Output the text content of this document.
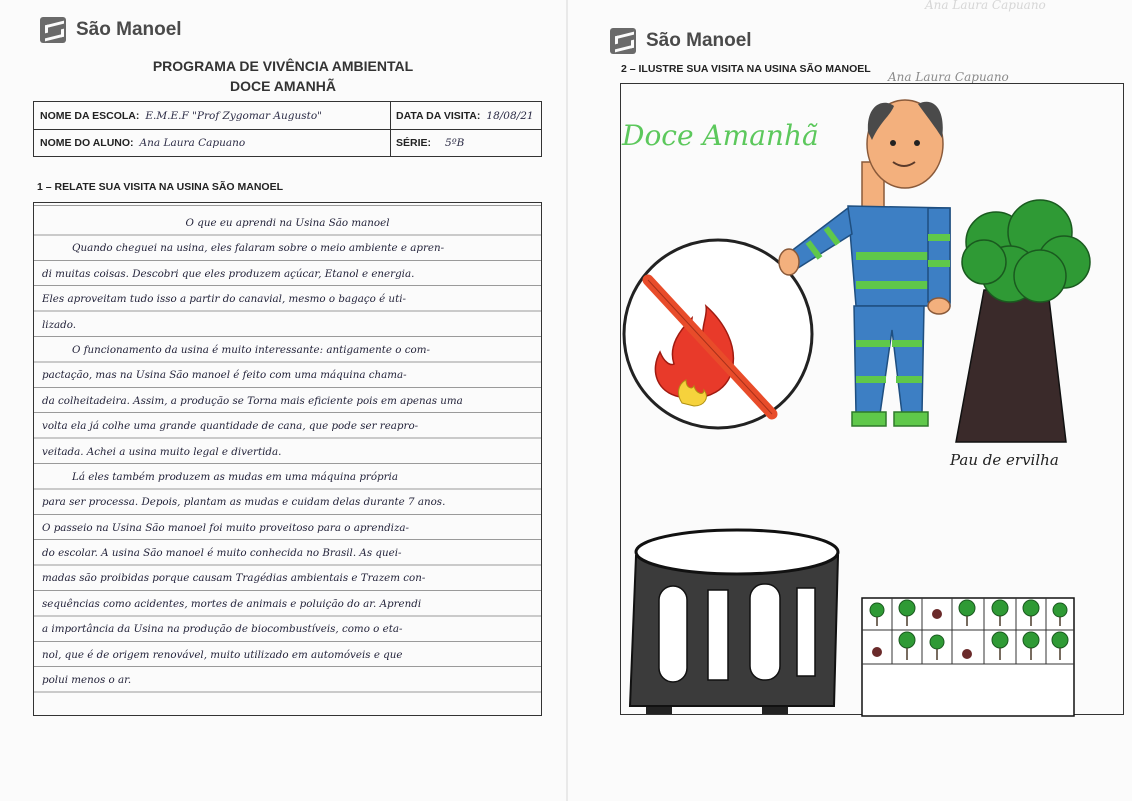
São Manoel
PROGRAMA DE VIVÊNCIA AMBIENTAL
DOCE AMANHÃ
NOME DA ESCOLA: E.M.E.F "Prof Zygomar Augusto"	DATA DA VISITA: 18/08/21
NOME DO ALUNO: Ana Laura Capuano	SÉRIE: 5ºB
1 – RELATE SUA VISITA NA USINA SÃO MANOEL
O que eu aprendi na Usina São manoel
Quando cheguei na usina, eles falaram sobre o meio ambiente e apren-
di muitas coisas. Descobri que eles produzem açúcar, Etanol e energia.
Eles aproveitam tudo isso a partir do canavial, mesmo o bagaço é uti-
lizado.
O funcionamento da usina é muito interessante: antigamente o com-
pactação, mas na Usina São manoel é feito com uma máquina chama-
da colheitadeira. Assim, a produção se Torna mais eficiente pois em apenas uma
volta ela já colhe uma grande quantidade de cana, que pode ser reapro-
veitada. Achei a usina muito legal e divertida.
Lá eles também produzem as mudas em uma máquina própria
para ser processa. Depois, plantam as mudas e cuidam delas durante 7 anos.
O passeio na Usina São manoel foi muito proveitoso para o aprendiza-
do escolar. A usina São manoel é muito conhecida no Brasil. As quei-
madas são proibidas porque causam Tragédias ambientais e Trazem con-
sequências como acidentes, mortes de animais e poluição do ar. Aprendi
a importância da Usina na produção de biocombustíveis, como o eta-
nol, que é de origem renovável, muito utilizado em automóveis e que
polui menos o ar.
Ana Laura Capuano
São Manoel
2 – ILUSTRE SUA VISITA NA USINA SÃO MANOEL
Ana Laura Capuano
Doce Amanhã
Pau de ervilha
